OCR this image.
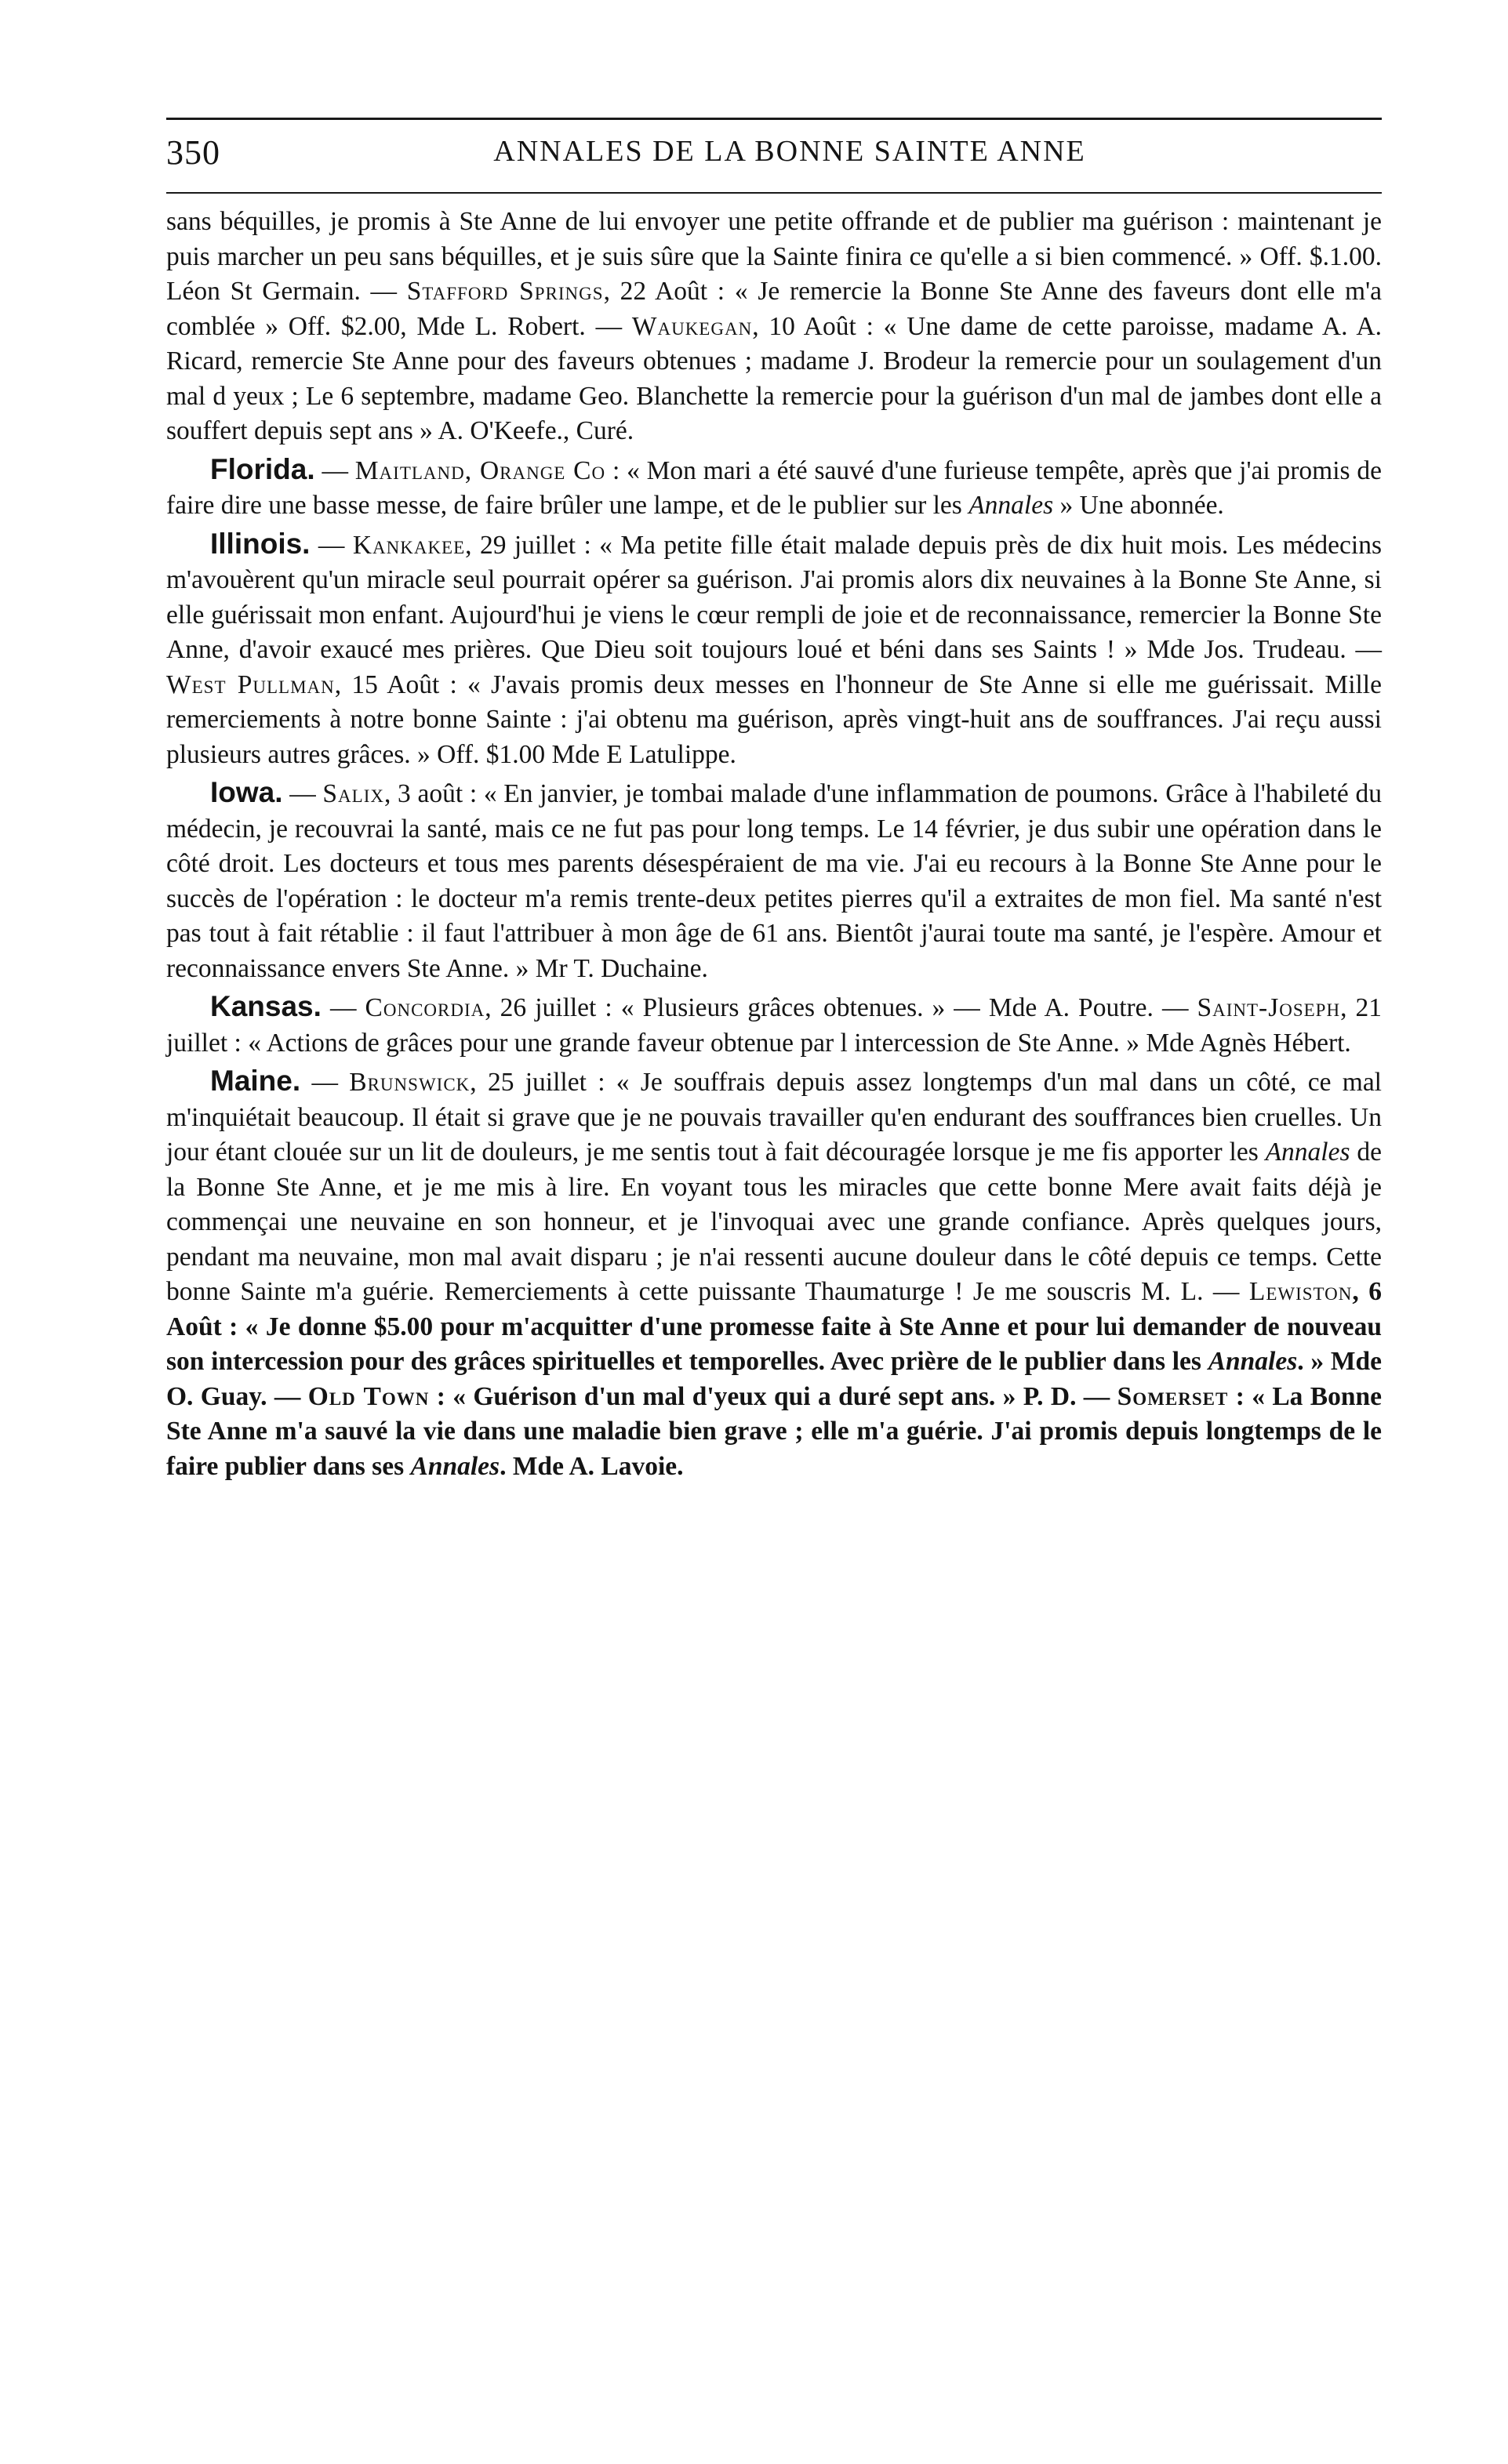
350	ANNALES DE LA BONNE SAINTE ANNE

sans béquilles, je promis à Ste Anne de lui envoyer une petite offrande et de publier ma guérison : maintenant je puis marcher un peu sans béquilles, et je suis sûre que la Sainte finira ce qu'elle a si bien commencé. » Off. $.1.00. Léon St Germain. — Stafford Springs, 22 Août : « Je remercie la Bonne Ste Anne des faveurs dont elle m'a comblée » Off. $2.00, Mde L. Robert. — Waukegan, 10 Août : « Une dame de cette paroisse, madame A. A. Ricard, remercie Ste Anne pour des faveurs obtenues ; madame J. Brodeur la remercie pour un soulagement d'un mal d yeux ; Le 6 septembre, madame Geo. Blanchette la remercie pour la guérison d'un mal de jambes dont elle a souffert depuis sept ans » A. O'Keefe., Curé.

Florida. — Maitland, Orange Co : « Mon mari a été sauvé d'une furieuse tempête, après que j'ai promis de faire dire une basse messe, de faire brûler une lampe, et de le publier sur les Annales » Une abonnée.

Illinois. — Kankakee, 29 juillet : « Ma petite fille était malade depuis près de dix huit mois. Les médecins m'avouèrent qu'un miracle seul pourrait opérer sa guérison. J'ai promis alors dix neuvaines à la Bonne Ste Anne, si elle guérissait mon enfant. Aujourd'hui je viens le cœur rempli de joie et de reconnaissance, remercier la Bonne Ste Anne, d'avoir exaucé mes prières. Que Dieu soit toujours loué et béni dans ses Saints ! » Mde Jos. Trudeau. — West Pullman, 15 Août : « J'avais promis deux messes en l'honneur de Ste Anne si elle me guérissait. Mille remerciements à notre bonne Sainte : j'ai obtenu ma guérison, après vingt-huit ans de souffrances. J'ai reçu aussi plusieurs autres grâces. » Off. $1.00 Mde E Latulippe.

Iowa. — Salix, 3 août : « En janvier, je tombai malade d'une inflammation de poumons. Grâce à l'habileté du médecin, je recouvrai la santé, mais ce ne fut pas pour long temps. Le 14 février, je dus subir une opération dans le côté droit. Les docteurs et tous mes parents désespéraient de ma vie. J'ai eu recours à la Bonne Ste Anne pour le succès de l'opération : le docteur m'a remis trente-deux petites pierres qu'il a extraites de mon fiel. Ma santé n'est pas tout à fait rétablie : il faut l'attribuer à mon âge de 61 ans. Bientôt j'aurai toute ma santé, je l'espère. Amour et reconnaissance envers Ste Anne. » Mr T. Duchaine.

Kansas. — Concordia, 26 juillet : « Plusieurs grâces obtenues. » — Mde A. Poutre. — Saint-Joseph, 21 juillet : « Actions de grâces pour une grande faveur obtenue par l intercession de Ste Anne. » Mde Agnès Hébert.

Maine. — Brunswick, 25 juillet : « Je souffrais depuis assez longtemps d'un mal dans un côté, ce mal m'inquiétait beaucoup. Il était si grave que je ne pouvais travailler qu'en endurant des souffrances bien cruelles. Un jour étant clouée sur un lit de douleurs, je me sentis tout à fait découragée lorsque je me fis apporter les Annales de la Bonne Ste Anne, et je me mis à lire. En voyant tous les miracles que cette bonne Mere avait faits déjà je commençai une neuvaine en son honneur, et je l'invoquai avec une grande confiance. Après quelques jours, pendant ma neuvaine, mon mal avait disparu ; je n'ai ressenti aucune douleur dans le côté depuis ce temps. Cette bonne Sainte m'a guérie. Remerciements à cette puissante Thaumaturge ! Je me souscris M. L. — Lewiston, 6 Août : « Je donne $5.00 pour m'acquitter d'une promesse faite à Ste Anne et pour lui demander de nouveau son intercession pour des grâces spirituelles et temporelles. Avec prière de le publier dans les Annales. » Mde O. Guay. — Old Town : « Guérison d'un mal d'yeux qui a duré sept ans. » P. D. — Somerset : « La Bonne Ste Anne m'a sauvé la vie dans une maladie bien grave ; elle m'a guérie. J'ai promis depuis longtemps de le faire publier dans ses Annales. Mde A. Lavoie.
